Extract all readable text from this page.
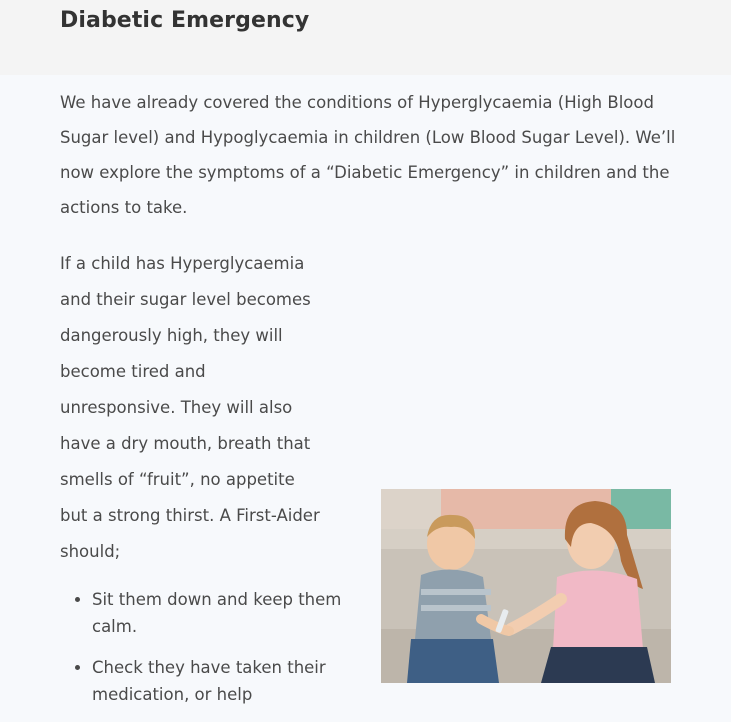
Diabetic Emergency

We have already covered the conditions of Hyperglycaemia (High Blood Sugar level) and Hypoglycaemia in children (Low Blood Sugar Level). We’ll now explore the symptoms of a “Diabetic Emergency” in children and the actions to take.

If a child has Hyperglycaemia and their sugar level becomes dangerously high, they will become tired and unresponsive. They will also have a dry mouth, breath that smells of “fruit”, no appetite but a strong thirst. A First-Aider should;

• Sit them down and keep them calm.
• Check they have taken their medication, or help
